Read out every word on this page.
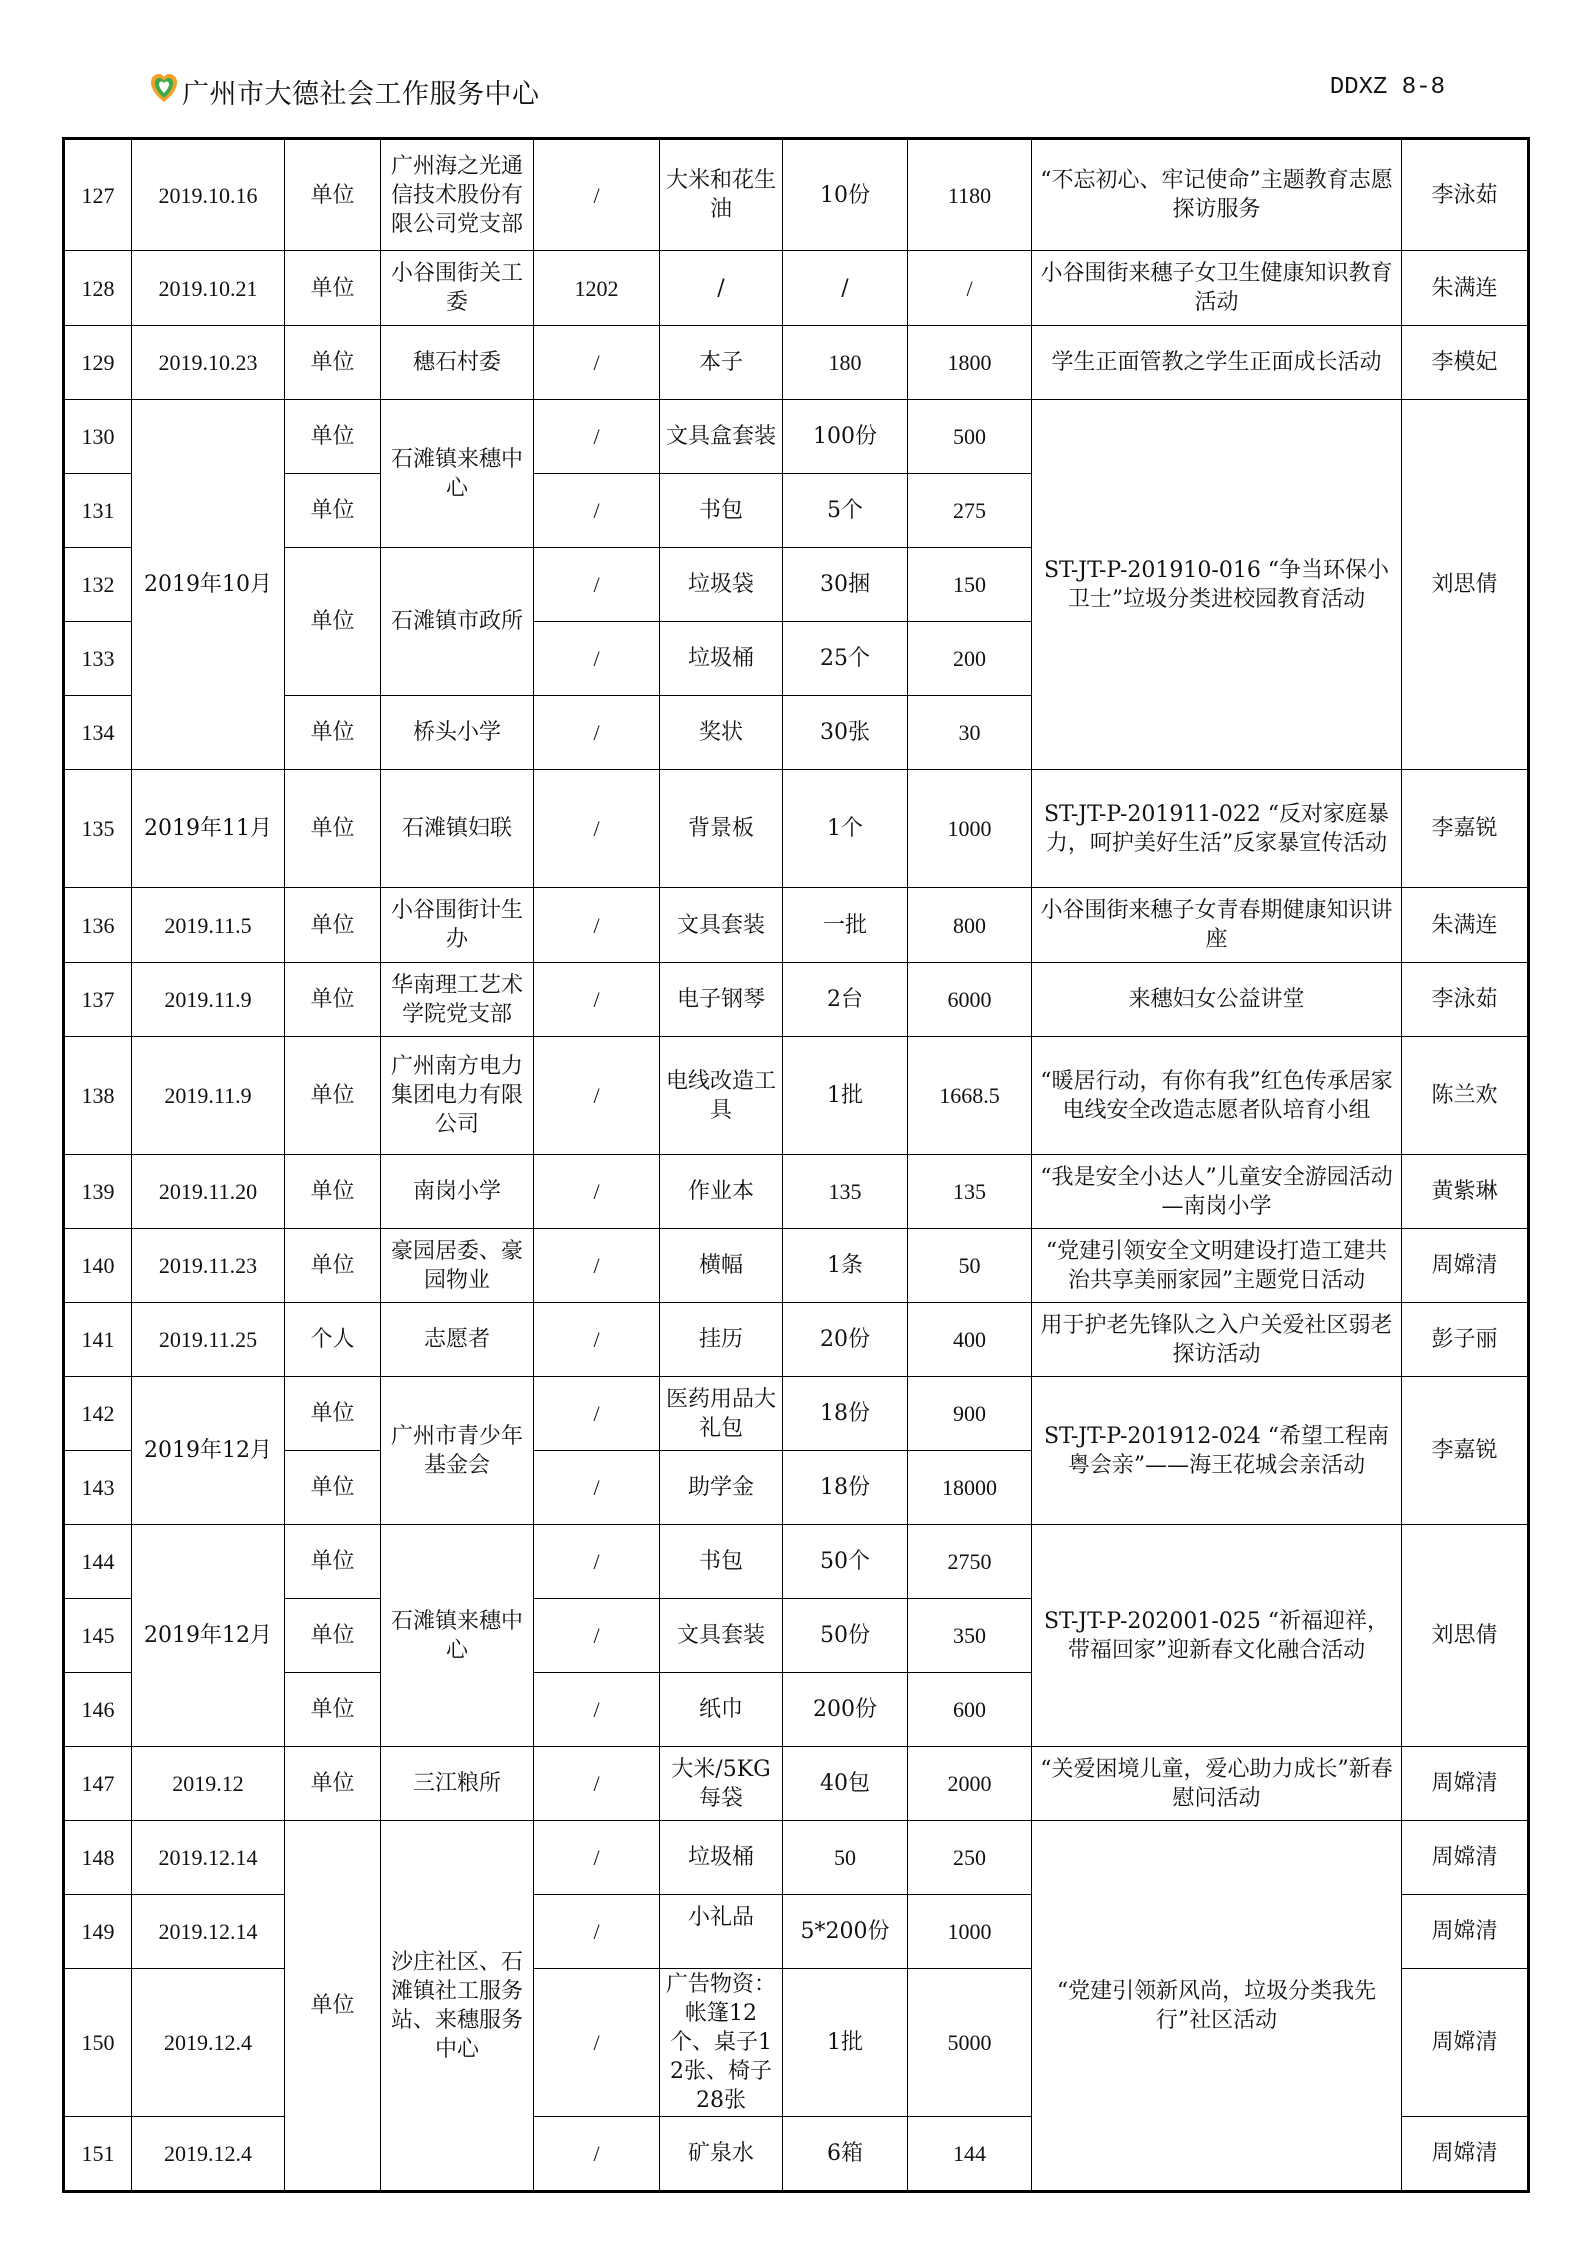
广州市大德社会工作服务中心	DDXZ 8-8
127	2019.10.16	单位	广州海之光通信技术股份有限公司党支部	/	大米和花生油	10份	1180	“不忘初心、牢记使命”主题教育志愿探访服务	李泳茹
128	2019.10.21	单位	小谷围街关工委	1202	/	/	/	小谷围街来穗子女卫生健康知识教育活动	朱满连
129	2019.10.23	单位	穗石村委	/	本子	180	1800	学生正面管教之学生正面成长活动	李模妃
130	2019年10月	单位	石滩镇来穗中心	/	文具盒套装	100份	500	ST-JT-P-201910-016 “争当环保小卫士”垃圾分类进校园教育活动	刘思倩
131		单位		/	书包	5个	275		
132		单位	石滩镇市政所	/	垃圾袋	30捆	150		
133				/	垃圾桶	25个	200		
134		单位	桥头小学	/	奖状	30张	30		
135	2019年11月	单位	石滩镇妇联	/	背景板	1个	1000	ST-JT-P-201911-022 “反对家庭暴力，呵护美好生活”反家暴宣传活动	李嘉锐
136	2019.11.5	单位	小谷围街计生办	/	文具套装	一批	800	小谷围街来穗子女青春期健康知识讲座	朱满连
137	2019.11.9	单位	华南理工艺术学院党支部	/	电子钢琴	2台	6000	来穗妇女公益讲堂	李泳茹
138	2019.11.9	单位	广州南方电力集团电力有限公司	/	电线改造工具	1批	1668.5	“暖居行动，有你有我”红色传承居家电线安全改造志愿者队培育小组	陈兰欢
139	2019.11.20	单位	南岗小学	/	作业本	135	135	“我是安全小达人”儿童安全游园活动—南岗小学	黄紫琳
140	2019.11.23	单位	豪园居委、豪园物业	/	横幅	1条	50	“党建引领安全文明建设打造工建共治共享美丽家园”主题党日活动	周嫦清
141	2019.11.25	个人	志愿者	/	挂历	20份	400	用于护老先锋队之入户关爱社区弱老探访活动	彭子丽
142	2019年12月	单位	广州市青少年基金会	/	医药用品大礼包	18份	900	ST-JT-P-201912-024 “希望工程南粤会亲”——海王花城会亲活动	李嘉锐
143		单位		/	助学金	18份	18000		
144	2019年12月	单位	石滩镇来穗中心	/	书包	50个	2750	ST-JT-P-202001-025 “祈福迎祥，带福回家”迎新春文化融合活动	刘思倩
145		单位		/	文具套装	50份	350		
146		单位		/	纸巾	200份	600		
147	2019.12	单位	三江粮所	/	大米/5KG每袋	40包	2000	“关爱困境儿童，爱心助力成长”新春慰问活动	周嫦清
148	2019.12.14	单位	沙庄社区、石滩镇社工服务站、来穗服务中心	/	垃圾桶	50	250	“党建引领新风尚，垃圾分类我先行”社区活动	周嫦清
149	2019.12.14			/	小礼品	5*200份	1000		周嫦清
150	2019.12.4			/	广告物资：帐篷12个、桌子12张、椅子28张	1批	5000		周嫦清
151	2019.12.4			/	矿泉水	6箱	144		周嫦清
